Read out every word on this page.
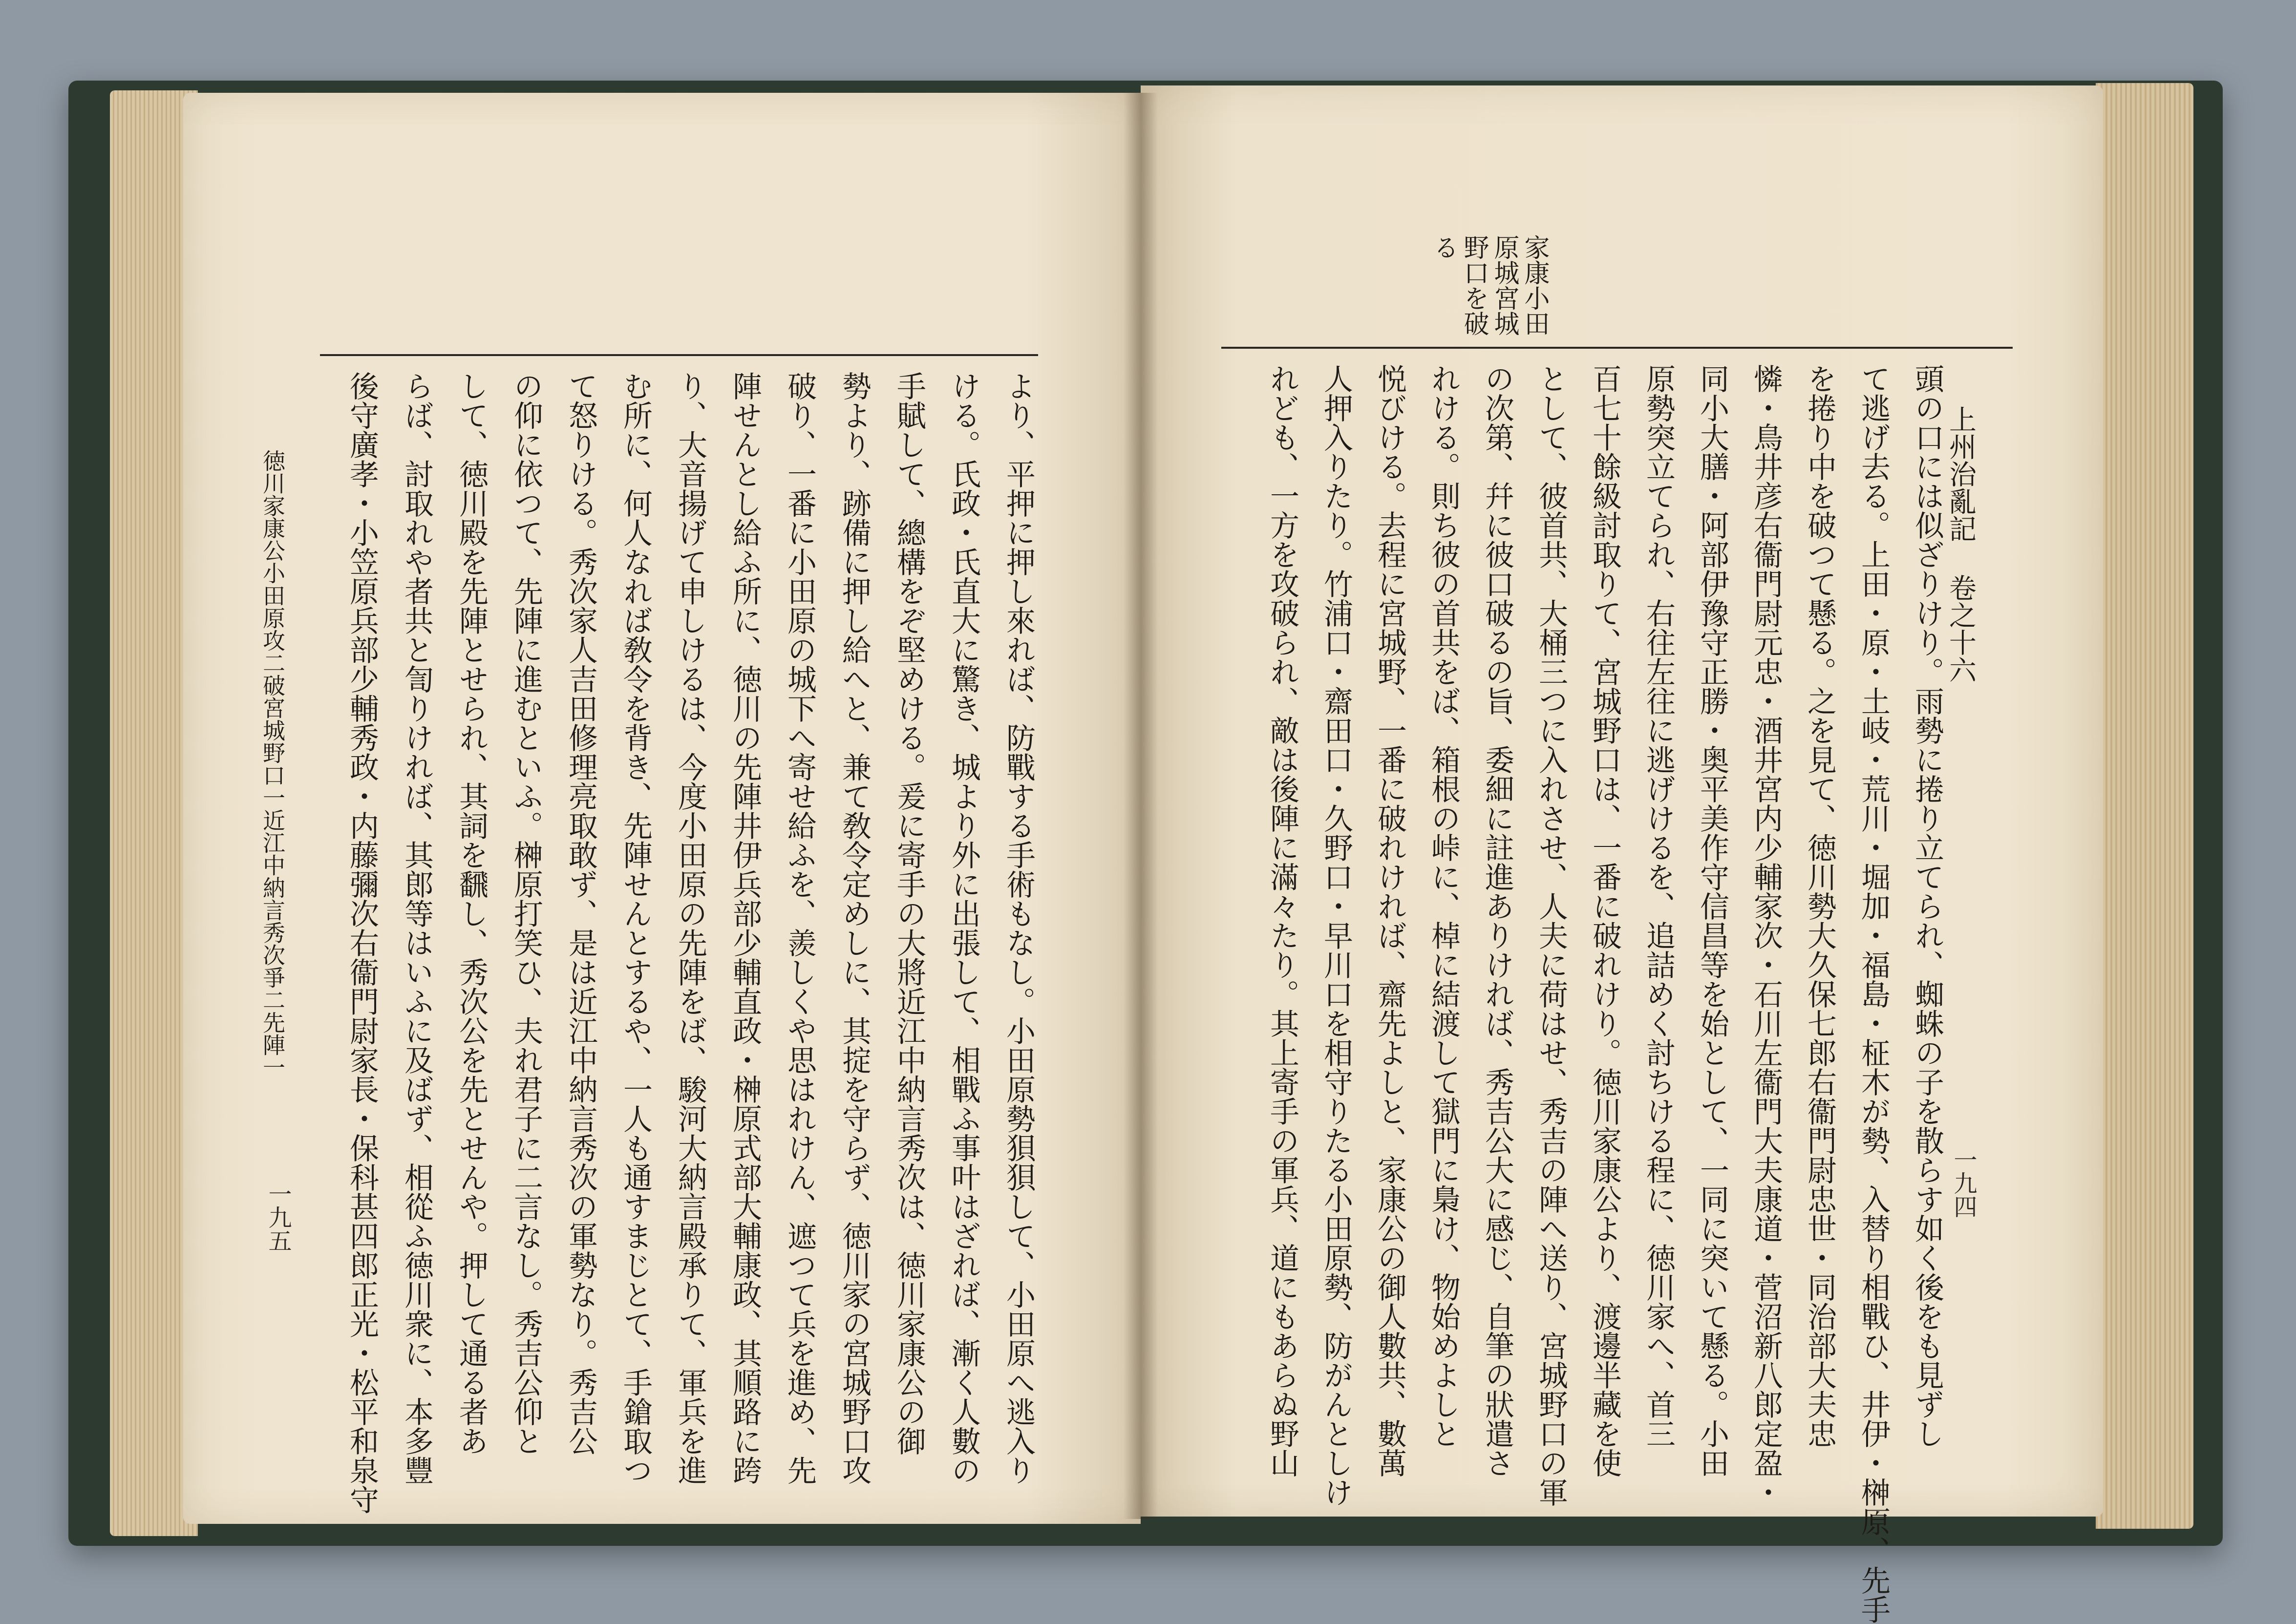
上州治亂記 卷之十六
一九四
家康小田
原城宮城
野口を破
る
頭の口には似ざりけり。雨勢に捲り立てられ、蜘蛛の子を散らす如く後をも見ずし
て逃げ去る。上田・原・土岐・荒川・堀加・福島・柾木が勢、入替り相戰ひ、井伊・榊原、先手
を捲り中を破つて懸る。之を見て、徳川勢大久保七郎右衞門尉忠世・同治部大夫忠
憐・鳥井彦右衞門尉元忠・酒井宮内少輔家次・石川左衞門大夫康道・菅沼新八郎定盈・
同小大膳・阿部伊豫守正勝・奥平美作守信昌等を始として、一同に突いて懸る。小田
原勢突立てられ、右往左往に逃げけるを、追詰めく討ちける程に、徳川家へ、首三
百七十餘級討取りて、宮城野口は、一番に破れけり。徳川家康公より、渡邊半藏を使
として、彼首共、大桶三つに入れさせ、人夫に荷はせ、秀吉の陣へ送り、宮城野口の軍
の次第、幷に彼口破るの旨、委細に註進ありければ、秀吉公大に感じ、自筆の狀遣さ
れける。則ち彼の首共をば、箱根の峠に、棹に結渡して獄門に梟け、物始めよしと
悦びける。去程に宮城野、一番に破れければ、齋先よしと、家康公の御人數共、數萬
人押入りたり。竹浦口・齋田口・久野口・早川口を相守りたる小田原勢、防がんとしけ
れども、一方を攻破られ、敵は後陣に滿々たり。其上寄手の軍兵、道にもあらぬ野山
より、平押に押し來れば、防戰する手術もなし。小田原勢狽狽して、小田原へ逃入り
ける。氏政・氏直大に驚き、城より外に出張して、相戰ふ事叶はざれば、漸く人數の
手賦して、總構をぞ堅めける。爰に寄手の大將近江中納言秀次は、徳川家康公の御
勢より、跡備に押し給へと、兼て敎令定めしに、其掟を守らず、徳川家の宮城野口攻
破り、一番に小田原の城下へ寄せ給ふを、羨しくや思はれけん、遮つて兵を進め、先
陣せんとし給ふ所に、徳川の先陣井伊兵部少輔直政・榊原式部大輔康政、其順路に跨
り、大音揚げて申しけるは、今度小田原の先陣をば、駿河大納言殿承りて、軍兵を進
む所に、何人なれば敎令を背き、先陣せんとするや、一人も通すまじとて、手鎗取つ
て怒りける。秀次家人吉田修理亮取敢ず、是は近江中納言秀次の軍勢なり。秀吉公
の仰に依つて、先陣に進むといふ。榊原打笑ひ、夫れ君子に二言なし。秀吉公仰と
して、徳川殿を先陣とせられ、其詞を飜し、秀次公を先とせんや。押して通る者あ
らば、討取れや者共と訇りければ、其郎等はいふに及ばず、相從ふ徳川衆に、本多豐
後守廣孝・小笠原兵部少輔秀政・内藤彌次右衞門尉家長・保科甚四郎正光・松平和泉守
徳川家康公小田原攻二破宮城野口一近江中納言秀次爭二先陣一
一九五
